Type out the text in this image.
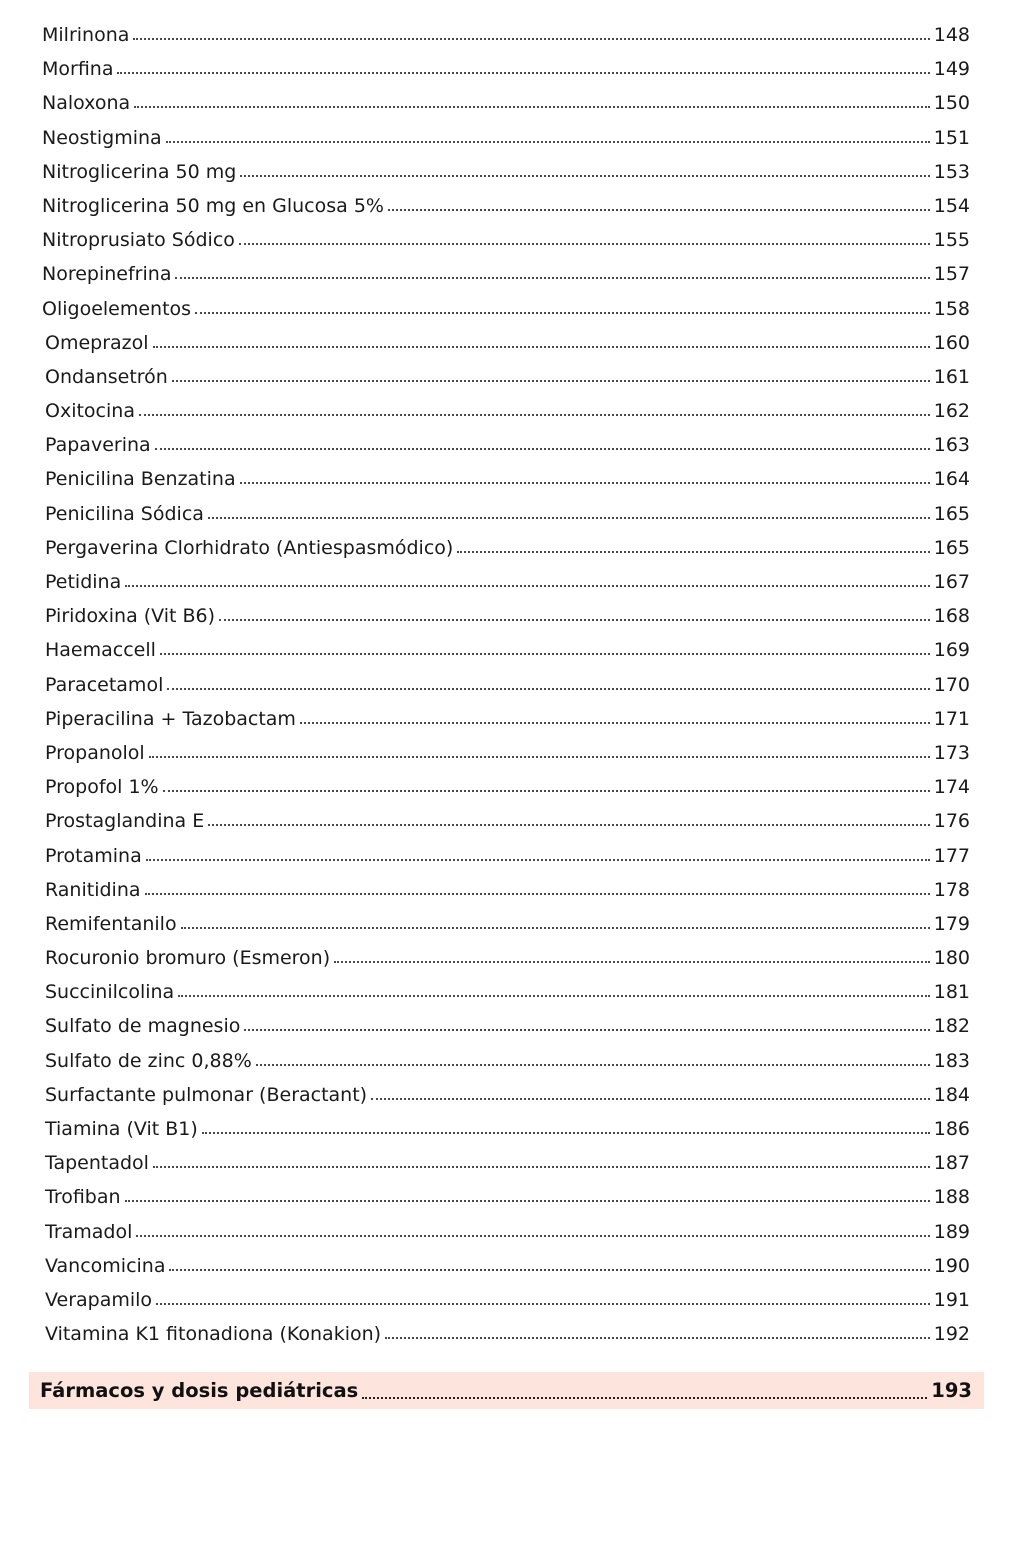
Milrinona	148
Morfina	149
Naloxona	150
Neostigmina	151
Nitroglicerina 50 mg	153
Nitroglicerina 50 mg en Glucosa 5%	154
Nitroprusiato Sódico	155
Norepinefrina	157
Oligoelementos	158
Omeprazol	160
Ondansetrón	161
Oxitocina	162
Papaverina	163
Penicilina Benzatina	164
Penicilina Sódica	165
Pergaverina Clorhidrato (Antiespasmódico)	165
Petidina	167
Piridoxina (Vit B6)	168
Haemaccell	169
Paracetamol	170
Piperacilina + Tazobactam	171
Propanolol	173
Propofol 1%	174
Prostaglandina E	176
Protamina	177
Ranitidina	178
Remifentanilo	179
Rocuronio bromuro (Esmeron)	180
Succinilcolina	181
Sulfato de magnesio	182
Sulfato de zinc 0,88%	183
Surfactante pulmonar (Beractant)	184
Tiamina (Vit B1)	186
Tapentadol	187
Trofiban	188
Tramadol	189
Vancomicina	190
Verapamilo	191
Vitamina K1 fitonadiona (Konakion)	192
Fármacos y dosis pediátricas	193
